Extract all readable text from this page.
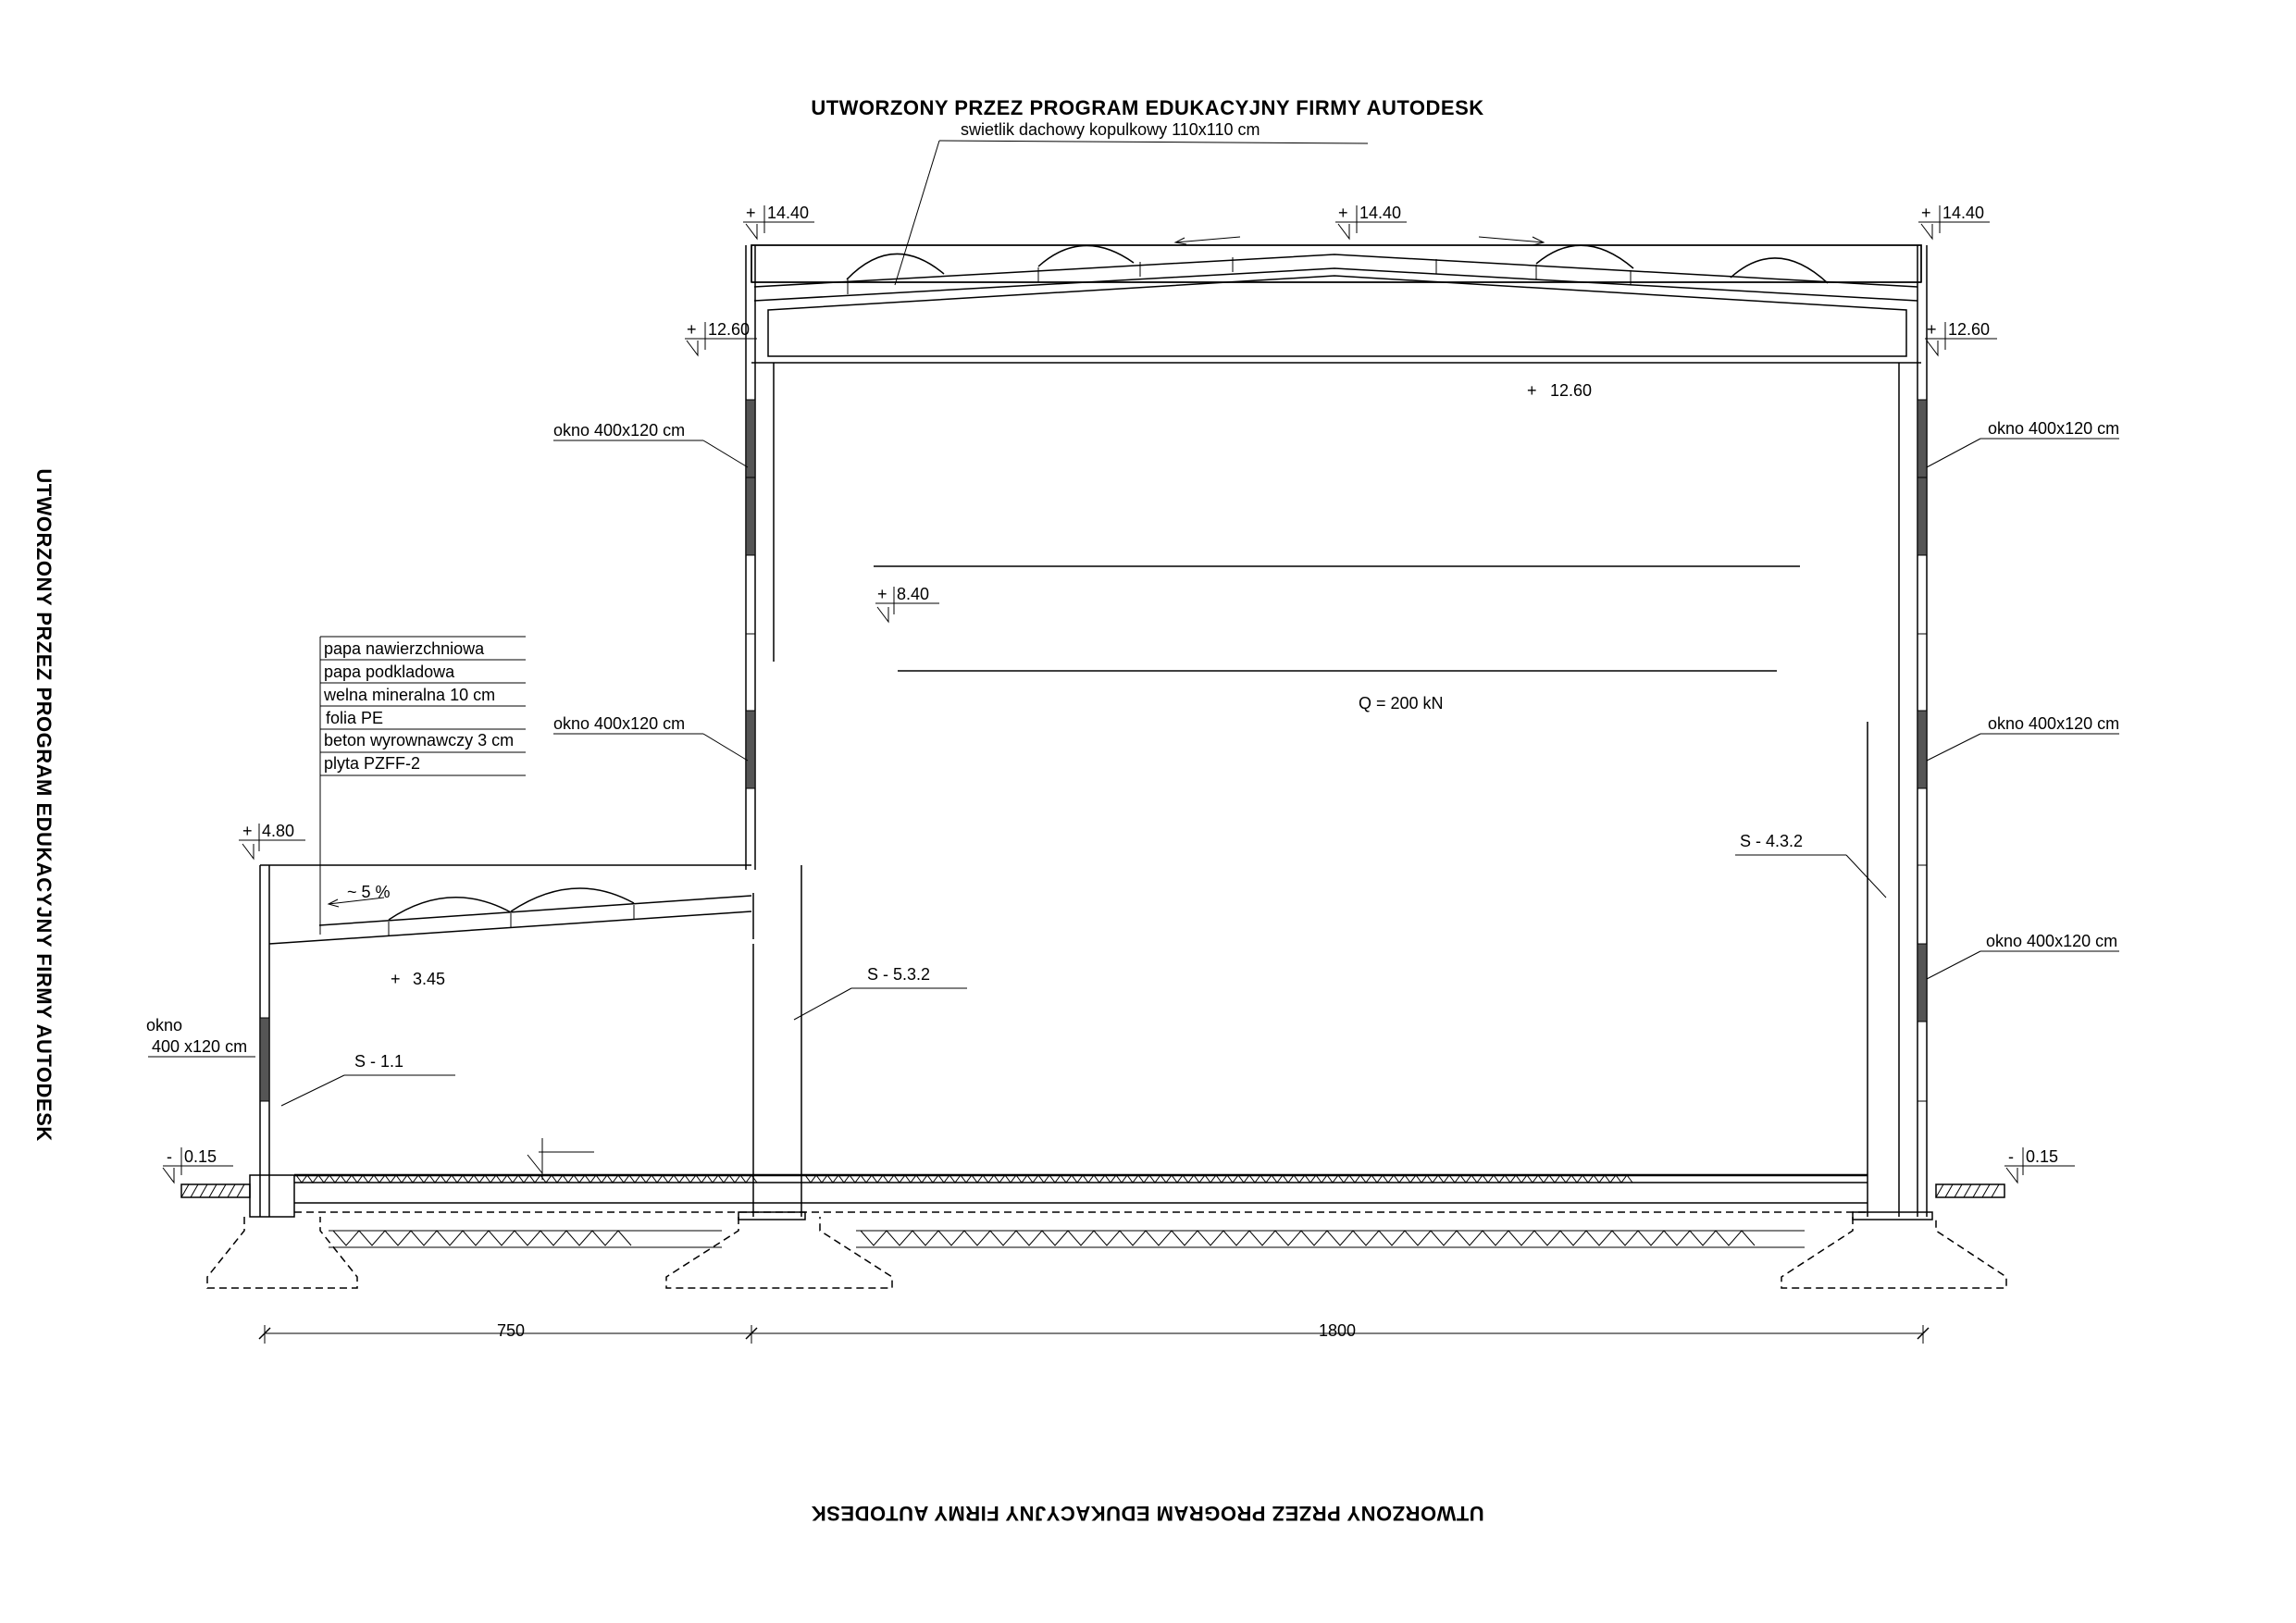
UTWORZONY PRZEZ PROGRAM EDUKACYJNY FIRMY AUTODESK
UTWORZONY PRZEZ PROGRAM EDUKACYJNY FIRMY AUTODESK
UTWORZONY PRZEZ PROGRAM EDUKACYJNY FIRMY AUTODESK
swietlik dachowy kopulkowy 110x110 cm
papa nawierzchniowa
papa podkladowa
welna mineralna 10 cm
folia PE
beton wyrownawczy 3 cm
plyta PZFF-2
+ 14.40	+ 14.40	+ 14.40
+ 12.60	+ 12.60
+ 12.60
+ 8.40
+ 4.80
+ 3.45
- 0.15	- 0.15
okno 400x120 cm
okno 400x120 cm
okno 400x120 cm
okno 400x120 cm
okno 400x120 cm
okno
400 x120 cm
~ 5 %
Q = 200 kN
S - 1.1
S - 5.3.2
S - 4.3.2
750	1800
